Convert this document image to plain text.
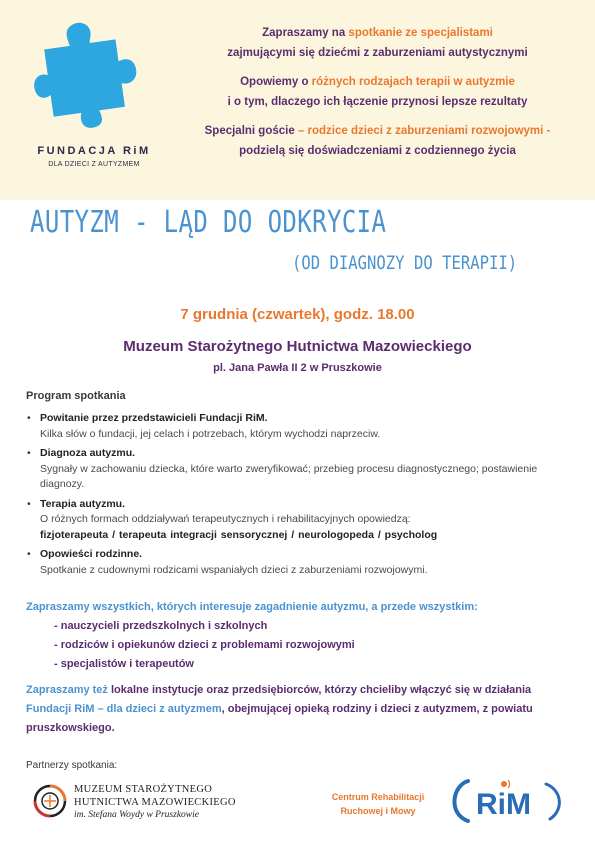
FUNDACJA RiM
DLA DZIECI Z AUTYZMEM

Zapraszamy na spotkanie ze specjalistami
zajmującymi się dziećmi z zaburzeniami autystycznymi

Opowiemy o różnych rodzajach terapii w autyzmie
i o tym, dlaczego ich łączenie przynosi lepsze rezultaty

Specjalni goście – rodzice dzieci z zaburzeniami rozwojowymi -
podzielą się doświadczeniami z codziennego życia

AUTYZM - LĄD DO ODKRYCIA
(OD DIAGNOZY DO TERAPII)
7 grudnia (czwartek), godz. 18.00
Muzeum Starożytnego Hutnictwa Mazowieckiego
pl. Jana Pawła II 2 w Pruszkowie
Program spotkania
• Powitanie przez przedstawicieli Fundacji RiM.
Kilka słów o fundacji, jej celach i potrzebach, którym wychodzi naprzeciw.
• Diagnoza autyzmu.
Sygnały w zachowaniu dziecka, które warto zweryfikować; przebieg procesu diagnostycznego; postawienie diagnozy.
• Terapia autyzmu.
O różnych formach oddziaływań terapeutycznych i rehabilitacyjnych opowiedzą:
fizjoterapeuta / terapeuta integracji sensorycznej / neurologopeda / psycholog
• Opowieści rodzinne.
Spotkanie z cudownymi rodzicami wspaniałych dzieci z zaburzeniami rozwojowymi.
Zapraszamy wszystkich, których interesuje zagadnienie autyzmu, a przede wszystkim:
- nauczycieli przedszkolnych i szkolnych
- rodziców i opiekunów dzieci z problemami rozwojowymi
- specjalistów i terapeutów
Zapraszamy też lokalne instytucje oraz przedsiębiorców, którzy chcieliby włączyć się w działania Fundacji RiM – dla dzieci z autyzmem, obejmującej opieką rodziny i dzieci z autyzmem, z powiatu pruszkowskiego.
Partnerzy spotkania:
MUZEUM STAROŻYTNEGO
HUTNICTWA MAZOWIECKIEGO
im. Stefana Woydy w Pruszkowie
Centrum Rehabilitacji
Ruchowej i Mowy	RiM
